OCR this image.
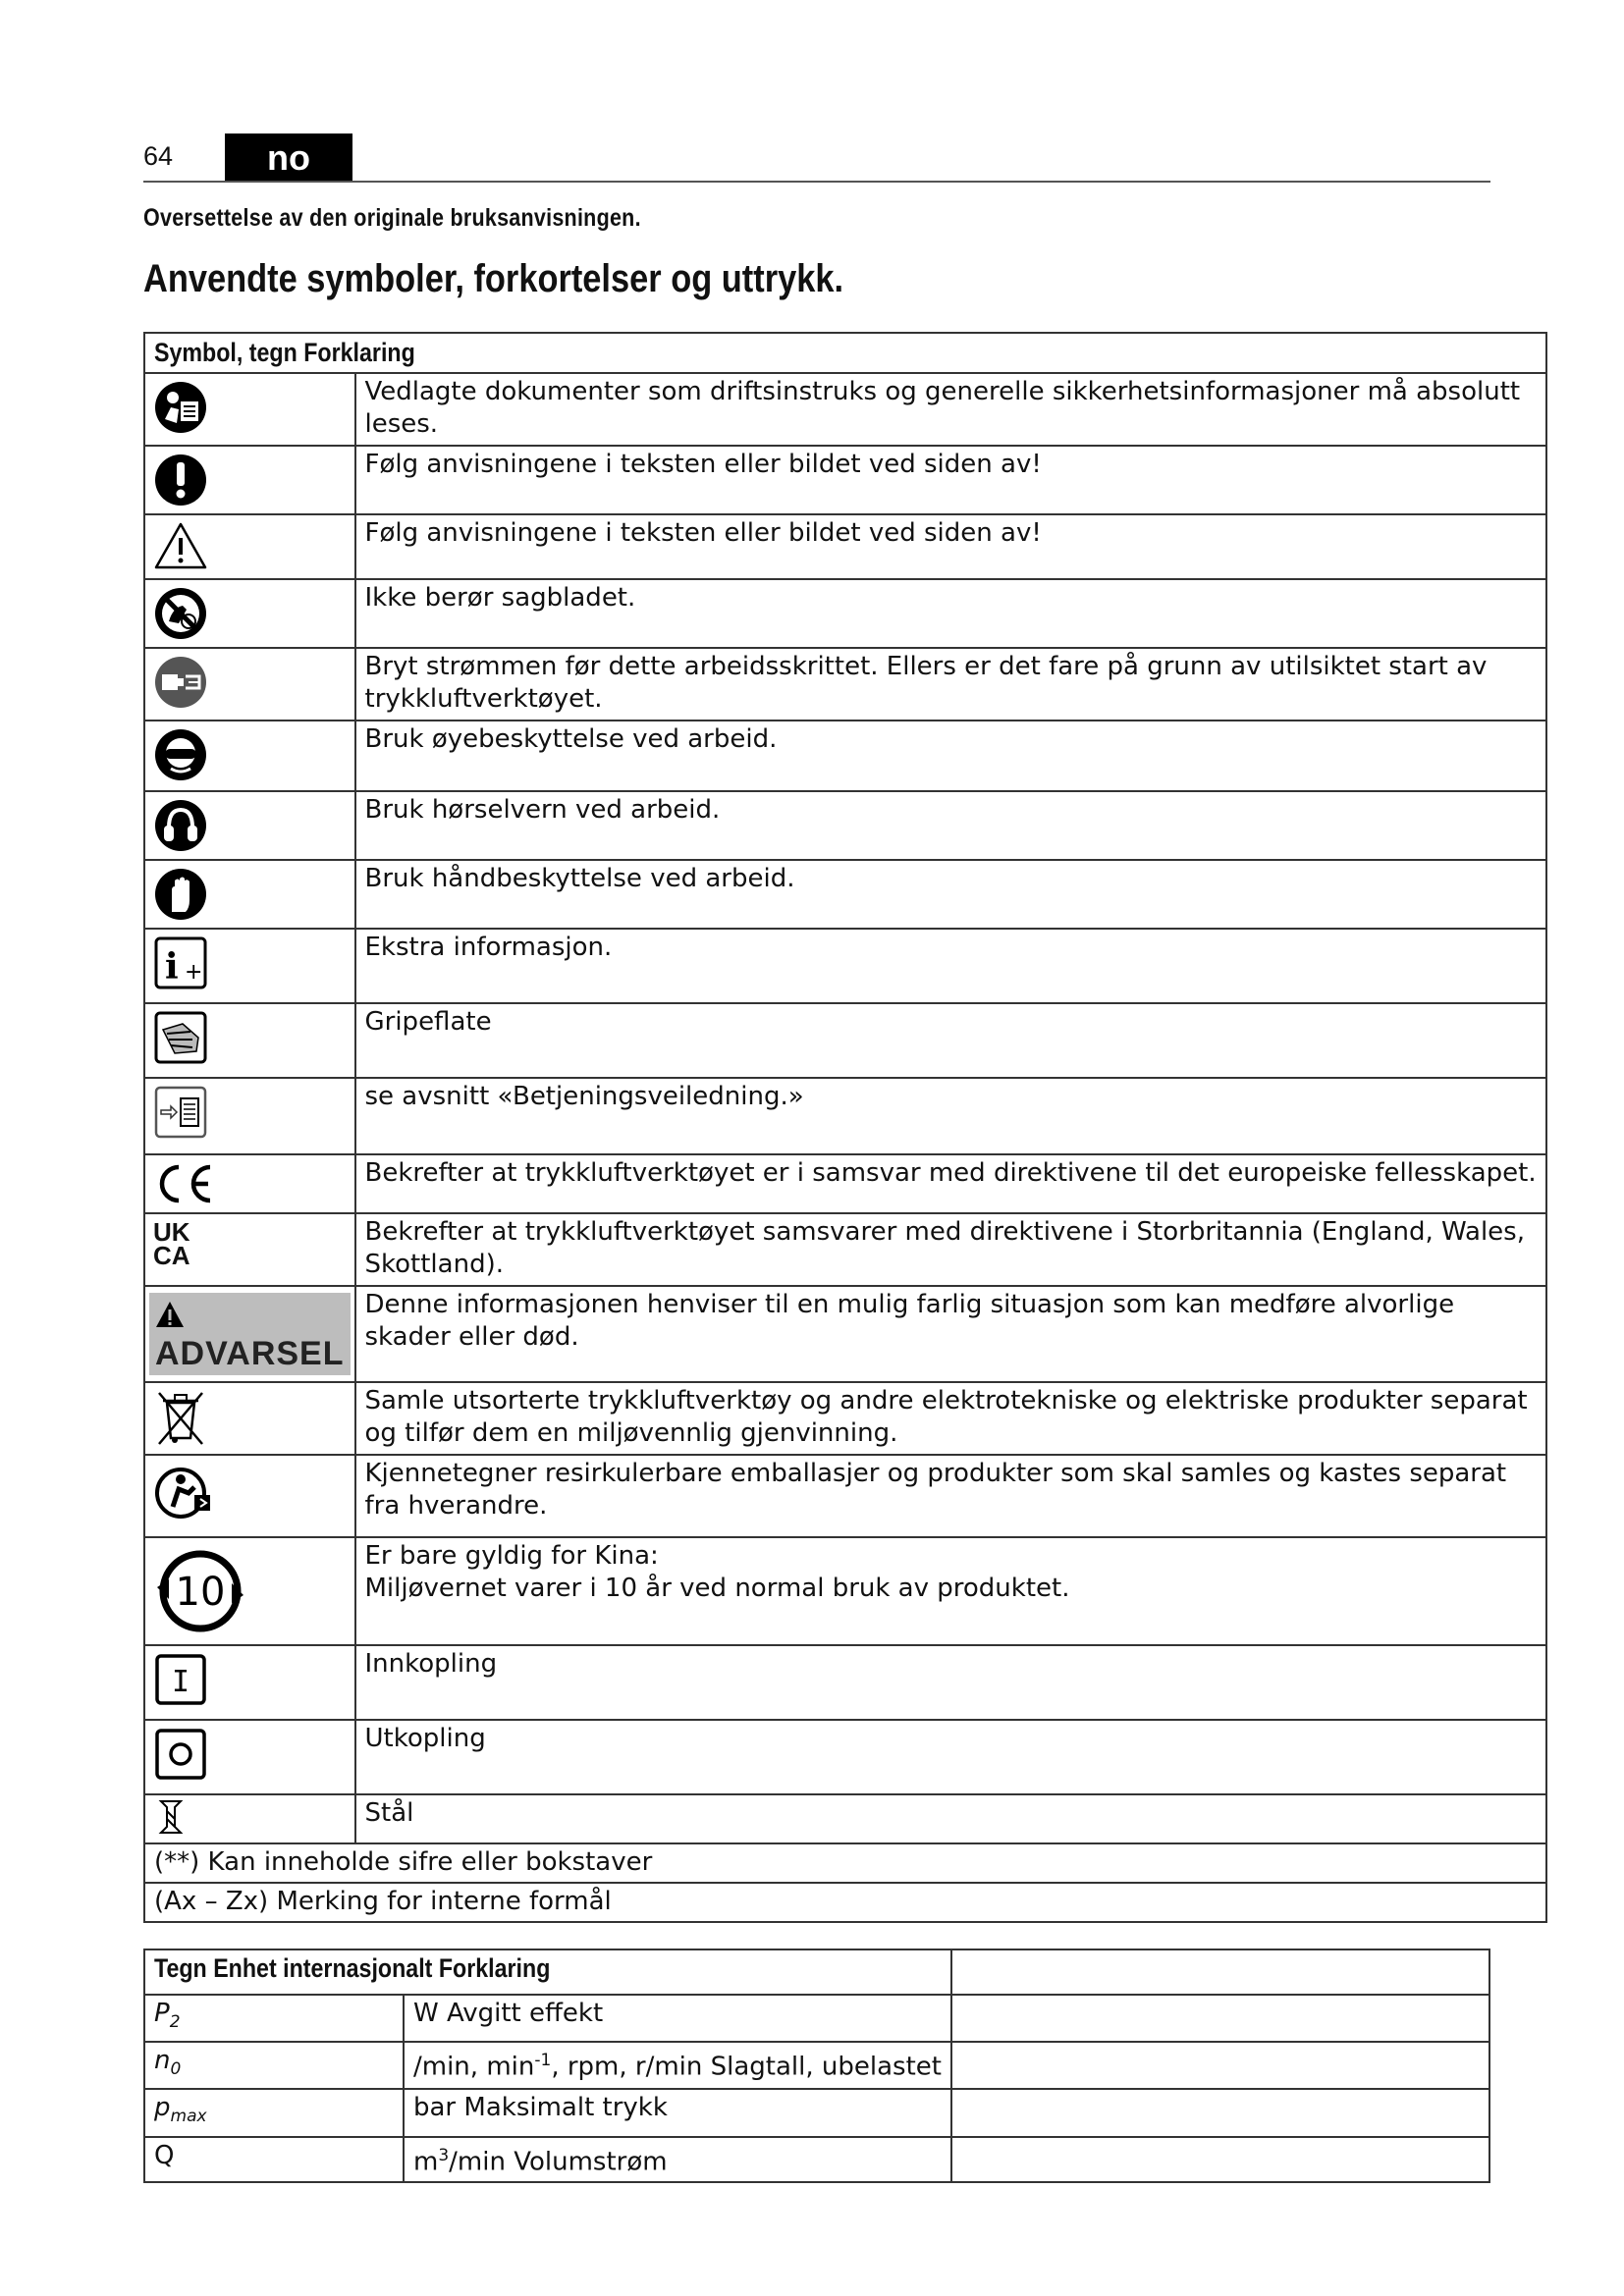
64	no
Oversettelse av den originale bruksanvisningen.
Anvendte symboler, forkortelser og uttrykk.
Symbol, tegn Forklaring	

	Vedlagte dokumenter som driftsinstruks og generelle sikkerhetsinformasjoner må absolutt leses.

	Følg anvisningene i teksten eller bildet ved siden av!

	Følg anvisningene i teksten eller bildet ved siden av!

	Ikke berør sagbladet.

	Bryt strømmen før dette arbeidsskrittet. Ellers er det fare på grunn av utilsiktet start av trykkluftverktøyet.

	Bruk øyebeskyttelse ved arbeid.

	Bruk hørselvern ved arbeid.

	Bruk håndbeskyttelse ved arbeid.

i +	Ekstra informasjon.

	Gripeflate

	se avsnitt «Betjeningsveiledning.»

	Bekrefter at trykkluftverktøyet er i samsvar med direktivene til det europeiske fellesskapet.

UK
CA	Bekrefter at trykkluftverktøyet samsvarer med direktivene i Storbritannia (England, Wales, Skottland).
ADVARSEL	Denne informasjonen henviser til en mulig farlig situasjon som kan medføre alvorlige skader eller død.

	Samle utsorterte trykkluftverktøy og andre elektrotekniske og elektriske produkter separat og tilfør dem en miljøvennlig gjenvinning.

	Kjennetegner resirkulerbare emballasjer og produkter som skal samles og kastes separat fra hverandre.

10	Er bare gyldig for Kina:
Miljøvernet varer i 10 år ved normal bruk av produktet.

I	Innkopling

	Utkopling

	Stål
(**) Kan inneholde sifre eller bokstaver	
(Ax – Zx) Merking for interne formål	
Tegn Enhet internasjonalt Forklaring		
$P_2$	W Avgitt effekt	
$n_0$	/min, $\min^{-1}$, rpm, r/min Slagtall, ubelastet	
$p_{max}$	bar Maksimalt trykk	
Q	$m^3/\min$ Volumstrøm	
